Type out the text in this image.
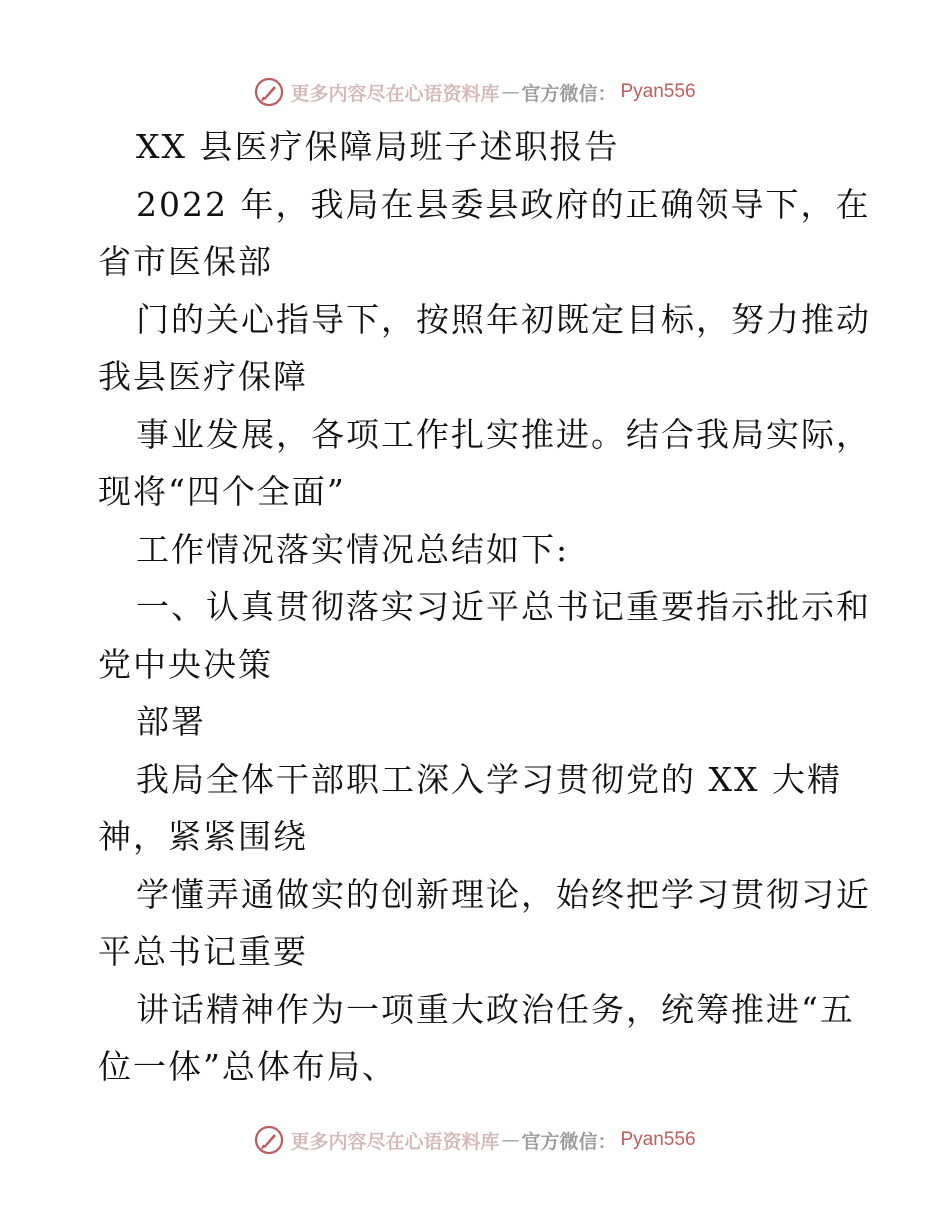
更多内容尽在心语资料库 — 官方微信： Pyan556
XX 县医疗保障局班子述职报告
2022 年，我局在县委县政府的正确领导下，在
省市医保部
门的关心指导下，按照年初既定目标，努力推动
我县医疗保障
事业发展，各项工作扎实推进。结合我局实际，
现将“四个全面”
工作情况落实情况总结如下:
一、认真贯彻落实习近平总书记重要指示批示和
党中央决策
部署
我局全体干部职工深入学习贯彻党的 XX 大精
神，紧紧围绕
学懂弄通做实的创新理论，始终把学习贯彻习近
平总书记重要
讲话精神作为一项重大政治任务，统筹推进“五
位一体”总体布局、
更多内容尽在心语资料库 — 官方微信： Pyan556
